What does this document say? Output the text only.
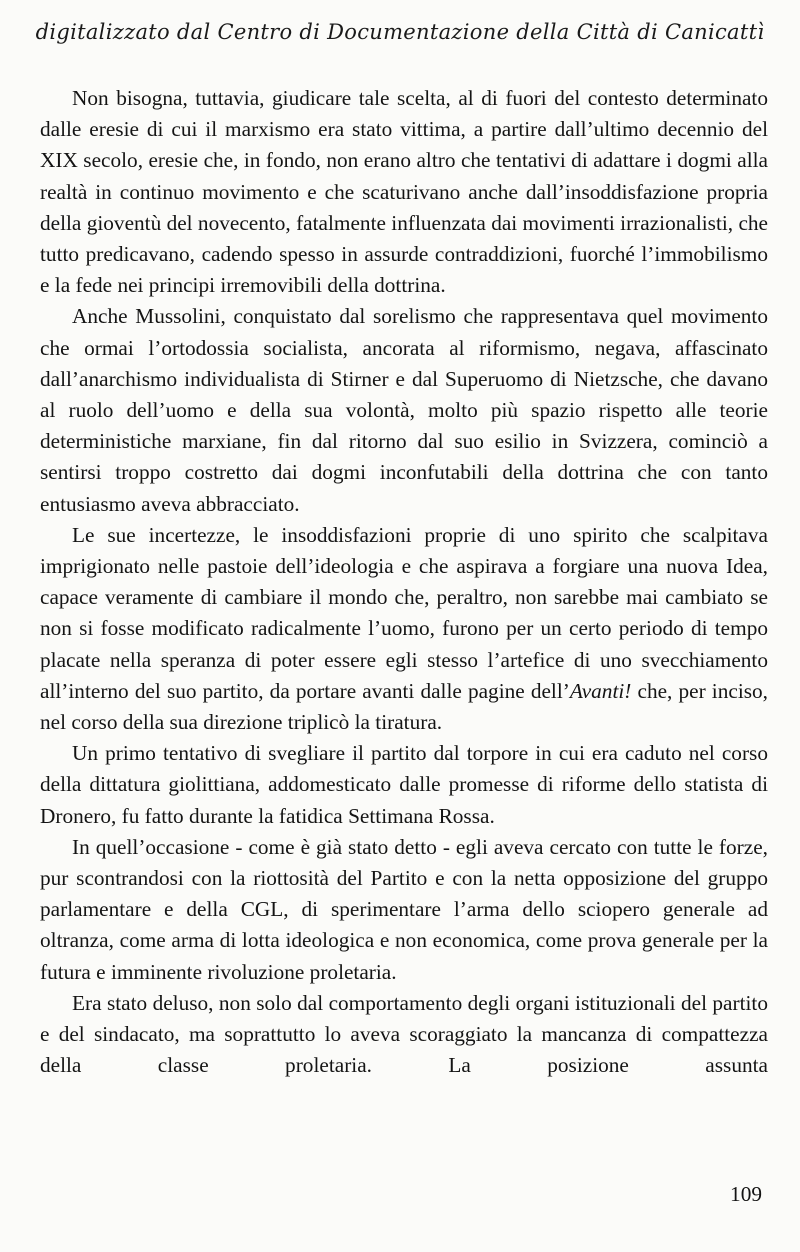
digitalizzato dal Centro di Documentazione della Città di Canicattì

Non bisogna, tuttavia, giudicare tale scelta, al di fuori del contesto determinato dalle eresie di cui il marxismo era stato vittima, a partire dall’ultimo decennio del XIX secolo, eresie che, in fondo, non erano altro che tentativi di adattare i dogmi alla realtà in continuo movimento e che scaturivano anche dall’insoddisfazione propria della gioventù del novecento, fatalmente influenzata dai movimenti irrazionalisti, che tutto predicavano, cadendo spesso in assurde contraddizioni, fuorché l’immobilismo e la fede nei principi irremovibili della dottrina.

Anche Mussolini, conquistato dal sorelismo che rappresentava quel movimento che ormai l’ortodossia socialista, ancorata al riformismo, negava, affascinato dall’anarchismo individualista di Stirner e dal Superuomo di Nietzsche, che davano al ruolo dell’uomo e della sua volontà, molto più spazio rispetto alle teorie deterministiche marxiane, fin dal ritorno dal suo esilio in Svizzera, cominciò a sentirsi troppo costretto dai dogmi inconfutabili della dottrina che con tanto entusiasmo aveva abbracciato.

Le sue incertezze, le insoddisfazioni proprie di uno spirito che scalpitava imprigionato nelle pastoie dell’ideologia e che aspirava a forgiare una nuova Idea, capace veramente di cambiare il mondo che, peraltro, non sarebbe mai cambiato se non si fosse modificato radicalmente l’uomo, furono per un certo periodo di tempo placate nella speranza di poter essere egli stesso l’artefice di uno svecchiamento all’interno del suo partito, da portare avanti dalle pagine dell’Avanti! che, per inciso, nel corso della sua direzione triplicò la tiratura.

Un primo tentativo di svegliare il partito dal torpore in cui era caduto nel corso della dittatura giolittiana, addomesticato dalle promesse di riforme dello statista di Dronero, fu fatto durante la fatidica Settimana Rossa.

In quell’occasione - come è già stato detto - egli aveva cercato con tutte le forze, pur scontrandosi con la riottosità del Partito e con la netta opposizione del gruppo parlamentare e della CGL, di sperimentare l’arma dello sciopero generale ad oltranza, come arma di lotta ideologica e non economica, come prova generale per la futura e imminente rivoluzione proletaria.

Era stato deluso, non solo dal comportamento degli organi istituzionali del partito e del sindacato, ma soprattutto lo aveva scoraggiato la mancanza di compattezza della classe proletaria. La posizione assunta

109
